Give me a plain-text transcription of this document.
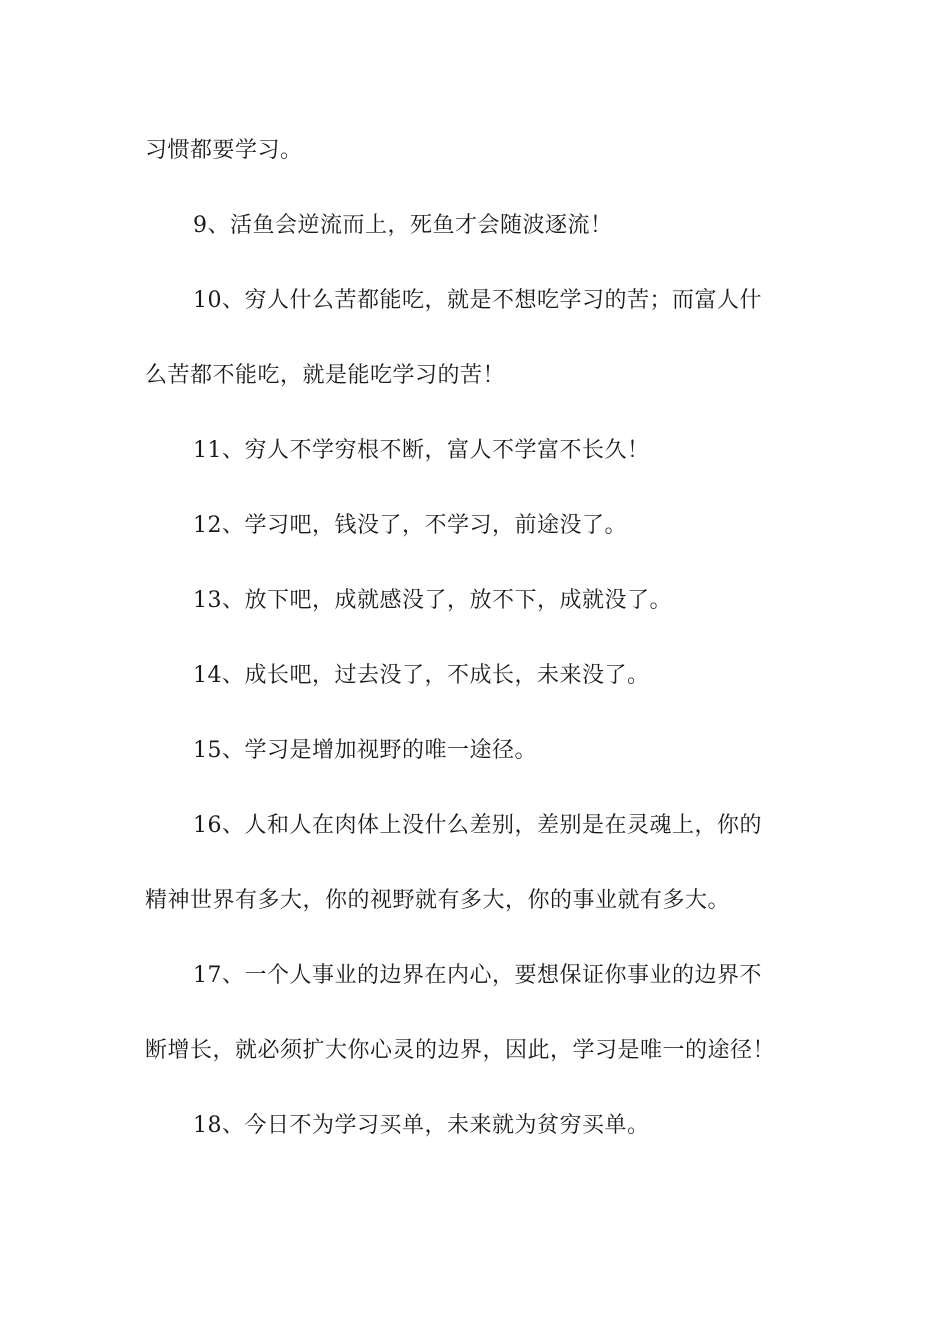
习惯都要学习。
9、活鱼会逆流而上，死鱼才会随波逐流！
10、穷人什么苦都能吃，就是不想吃学习的苦；而富人什
么苦都不能吃，就是能吃学习的苦！
11、穷人不学穷根不断，富人不学富不长久！
12、学习吧，钱没了，不学习，前途没了。
13、放下吧，成就感没了，放不下，成就没了。
14、成长吧，过去没了，不成长，未来没了。
15、学习是增加视野的唯一途径。
16、人和人在肉体上没什么差别，差别是在灵魂上，你的
精神世界有多大，你的视野就有多大，你的事业就有多大。
17、一个人事业的边界在内心，要想保证你事业的边界不
断增长，就必须扩大你心灵的边界，因此，学习是唯一的途径！
18、今日不为学习买单，未来就为贫穷买单。
